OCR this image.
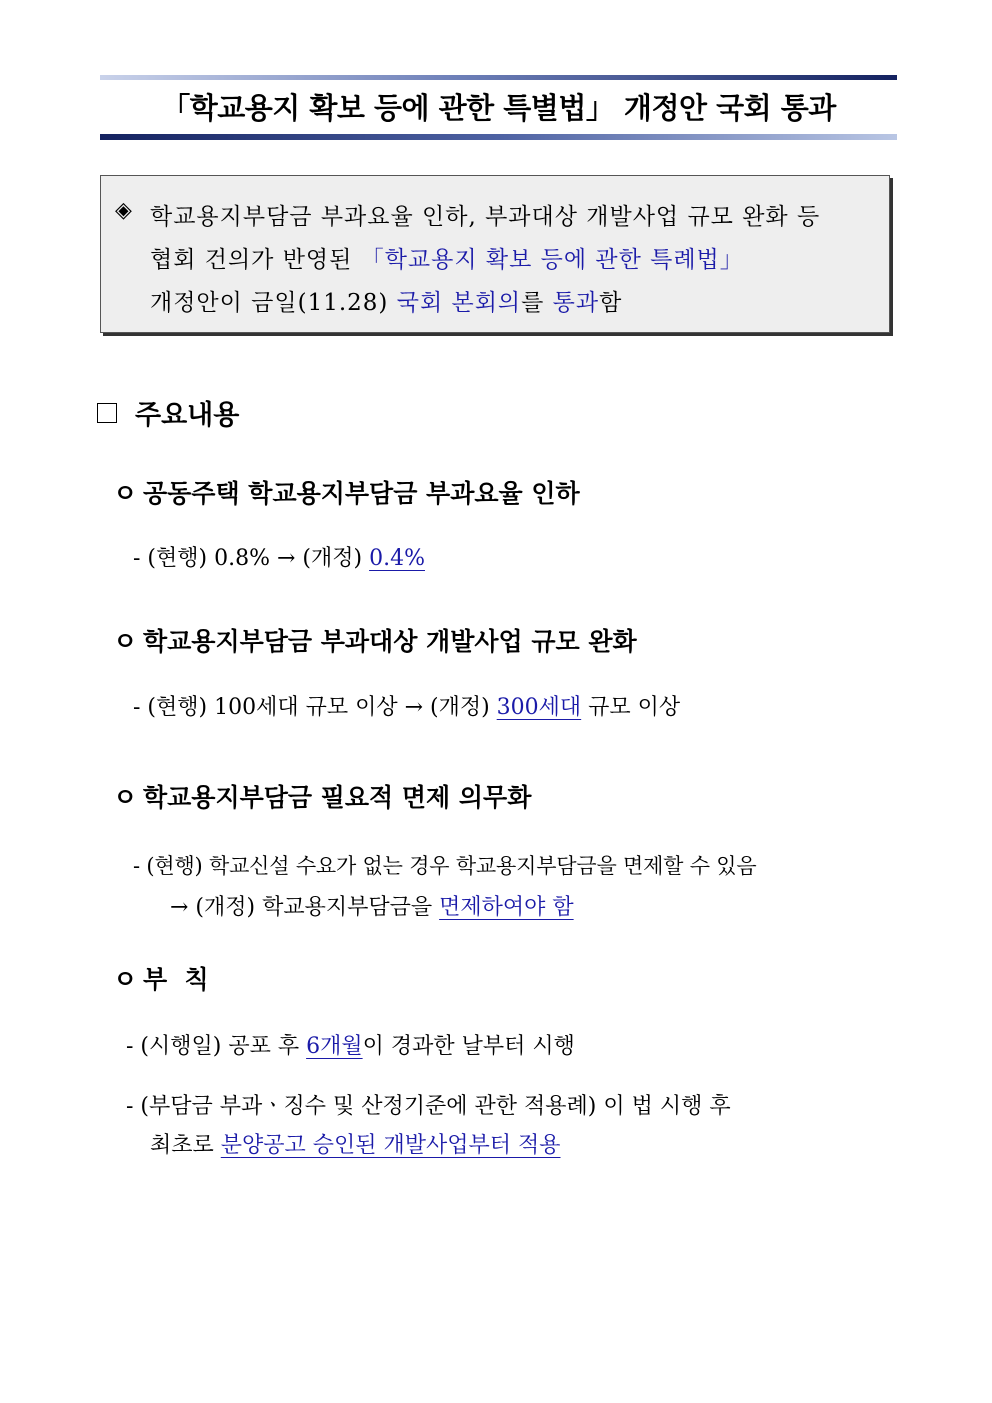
「학교용지 확보 등에 관한 특별법」 개정안 국회 통과
◈ 학교용지부담금 부과요율 인하, 부과대상 개발사업 규모 완화 등
협회 건의가 반영된 「학교용지 확보 등에 관한 특례법」
개정안이 금일(11.28) 국회 본회의를 통과함
주요내용
ㅇ 공동주택 학교용지부담금 부과요율 인하
- (현행) 0.8% → (개정) 0.4%
ㅇ 학교용지부담금 부과대상 개발사업 규모 완화
- (현행) 100세대 규모 이상 → (개정) 300세대 규모 이상
ㅇ 학교용지부담금 필요적 면제 의무화
- (현행) 학교신설 수요가 없는 경우 학교용지부담금을 면제할 수 있음
→ (개정) 학교용지부담금을 면제하여야 함
ㅇ 부  칙
- (시행일) 공포 후 6개월이 경과한 날부터 시행
- (부담금 부과ㆍ징수 및 산정기준에 관한 적용례) 이 법 시행 후
최초로 분양공고 승인된 개발사업부터 적용
